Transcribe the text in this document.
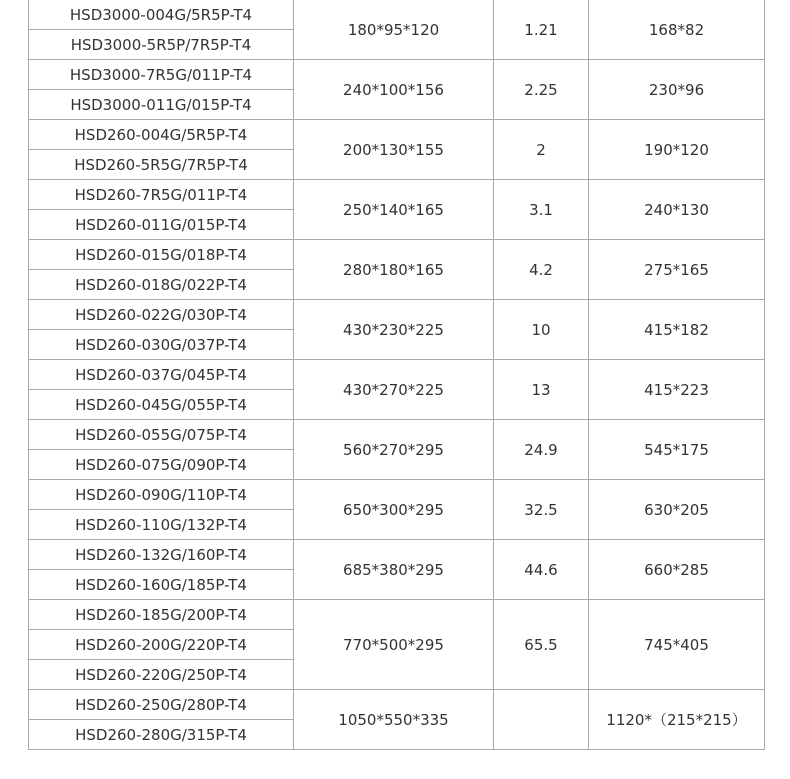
HSD3000-004G/5R5P-T4	180*95*120	1.21	168*82
HSD3000-5R5P/7R5P-T4			
HSD3000-7R5G/011P-T4	240*100*156	2.25	230*96
HSD3000-011G/015P-T4			
HSD260-004G/5R5P-T4	200*130*155	2	190*120
HSD260-5R5G/7R5P-T4			
HSD260-7R5G/011P-T4	250*140*165	3.1	240*130
HSD260-011G/015P-T4			
HSD260-015G/018P-T4	280*180*165	4.2	275*165
HSD260-018G/022P-T4			
HSD260-022G/030P-T4	430*230*225	10	415*182
HSD260-030G/037P-T4			
HSD260-037G/045P-T4	430*270*225	13	415*223
HSD260-045G/055P-T4			
HSD260-055G/075P-T4	560*270*295	24.9	545*175
HSD260-075G/090P-T4			
HSD260-090G/110P-T4	650*300*295	32.5	630*205
HSD260-110G/132P-T4			
HSD260-132G/160P-T4	685*380*295	44.6	660*285
HSD260-160G/185P-T4			
HSD260-185G/200P-T4	770*500*295	65.5	745*405
HSD260-200G/220P-T4			
HSD260-220G/250P-T4			
HSD260-250G/280P-T4	1050*550*335		1120*（215*215）
HSD260-280G/315P-T4			
